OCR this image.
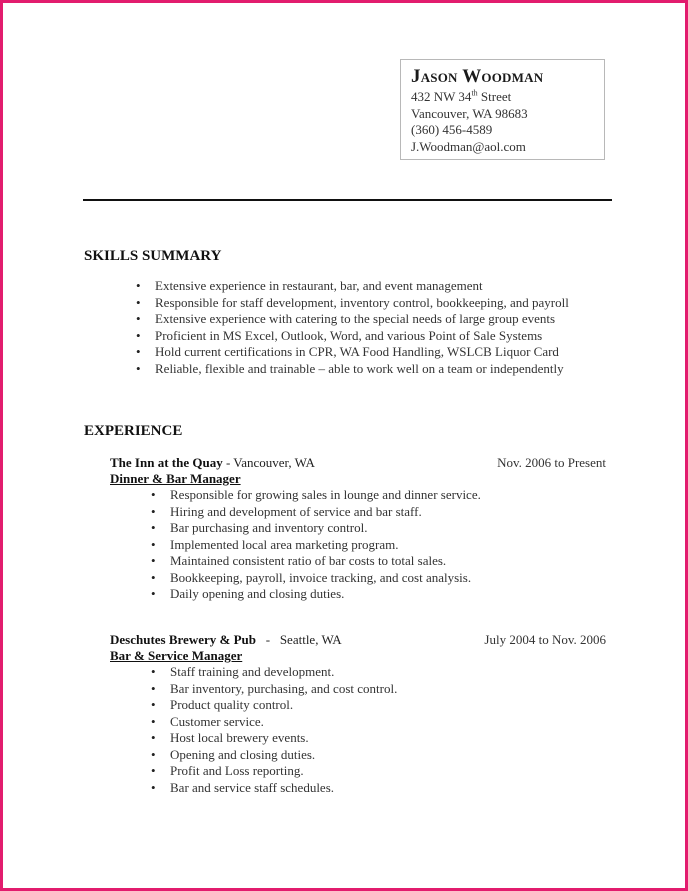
Jason Woodman
432 NW 34th Street
Vancouver, WA 98683
(360) 456-4589
J.Woodman@aol.com
SKILLS SUMMARY
• Extensive experience in restaurant, bar, and event management
• Responsible for staff development, inventory control, bookkeeping, and payroll
• Extensive experience with catering to the special needs of large group events
• Proficient in MS Excel, Outlook, Word, and various Point of Sale Systems
• Hold current certifications in CPR, WA Food Handling, WSLCB Liquor Card
• Reliable, flexible and trainable – able to work well on a team or independently
EXPERIENCE
The Inn at the Quay - Vancouver, WA	Nov. 2006 to Present
Dinner & Bar Manager
• Responsible for growing sales in lounge and dinner service.
• Hiring and development of service and bar staff.
• Bar purchasing and inventory control.
• Implemented local area marketing program.
• Maintained consistent ratio of bar costs to total sales.
• Bookkeeping, payroll, invoice tracking, and cost analysis.
• Daily opening and closing duties.
Deschutes Brewery & Pub   -   Seattle, WA	July 2004 to Nov. 2006
Bar & Service Manager
• Staff training and development.
• Bar inventory, purchasing, and cost control.
• Product quality control.
• Customer service.
• Host local brewery events.
• Opening and closing duties.
• Profit and Loss reporting.
• Bar and service staff schedules.
